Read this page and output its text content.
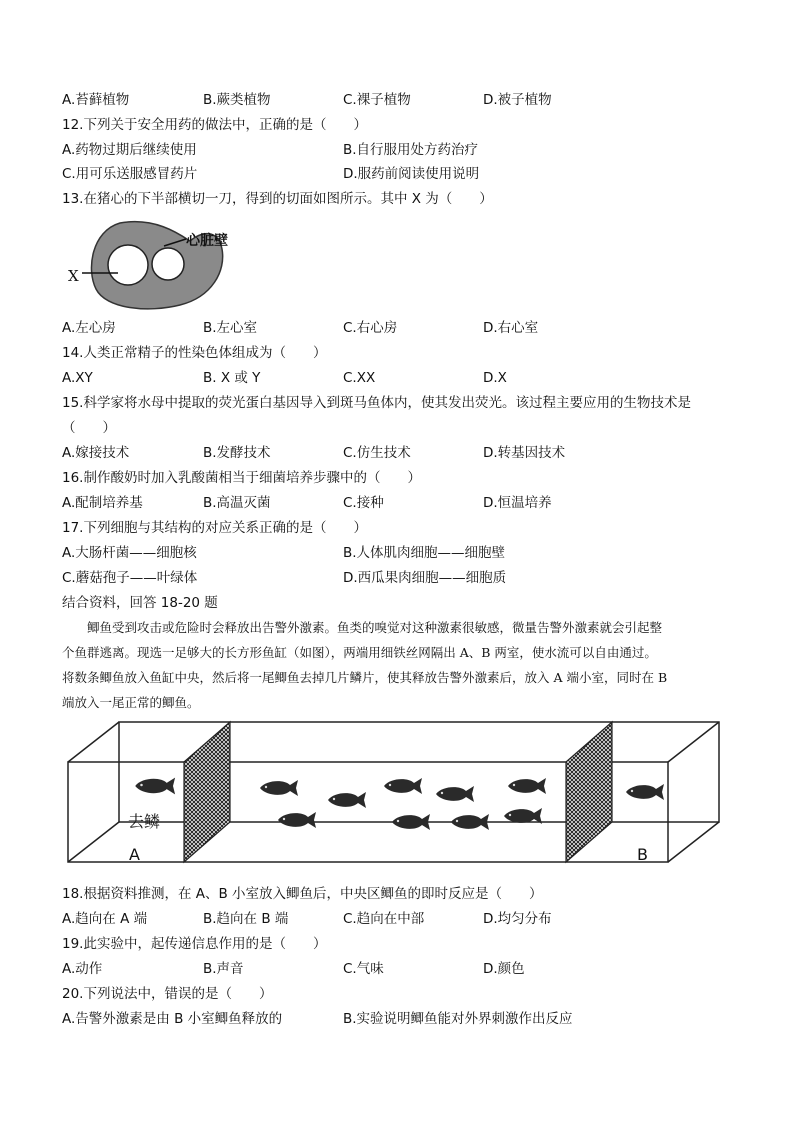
A.苔藓植物	B.蕨类植物	C.裸子植物	D.被子植物
12.下列关于安全用药的做法中，正确的是（　　）
A.药物过期后继续使用	B.自行服用处方药治疗
C.用可乐送服感冒药片	D.服药前阅读使用说明
13.在猪心的下半部横切一刀，得到的切面如图所示。其中 X 为（　　）
X
心脏壁
A.左心房	B.左心室	C.右心房	D.右心室
14.人类正常精子的性染色体组成为（　　）
A.XY	B. X 或 Y	C.XX	D.X
15.科学家将水母中提取的荧光蛋白基因导入到斑马鱼体内，使其发出荧光。该过程主要应用的生物技术是
（　　）
A.嫁接技术	B.发酵技术	C.仿生技术	D.转基因技术
16.制作酸奶时加入乳酸菌相当于细菌培养步骤中的（　　）
A.配制培养基	B.高温灭菌	C.接种	D.恒温培养
17.下列细胞与其结构的对应关系正确的是（　　）
A.大肠杆菌——细胞核	B.人体肌肉细胞——细胞壁
C.蘑菇孢子——叶绿体	D.西瓜果肉细胞——细胞质
结合资料，回答 18-20 题
　　鲫鱼受到攻击或危险时会释放出告警外激素。鱼类的嗅觉对这种激素很敏感，微量告警外激素就会引起整
个鱼群逃离。现选一足够大的长方形鱼缸（如图），两端用细铁丝网隔出 A、B 两室，使水流可以自由通过。
将数条鲫鱼放入鱼缸中央，然后将一尾鲫鱼去掉几片鳞片，使其释放告警外激素后，放入 A 端小室，同时在 B
端放入一尾正常的鲫鱼。
去鳞
A	B
18.根据资料推测，在 A、B 小室放入鲫鱼后，中央区鲫鱼的即时反应是（　　）
A.趋向在 A 端	B.趋向在 B 端	C.趋向在中部	D.均匀分布
19.此实验中，起传递信息作用的是（　　）
A.动作	B.声音	C.气味	D.颜色
20.下列说法中，错误的是（　　）
A.告警外激素是由 B 小室鲫鱼释放的	B.实验说明鲫鱼能对外界刺激作出反应
